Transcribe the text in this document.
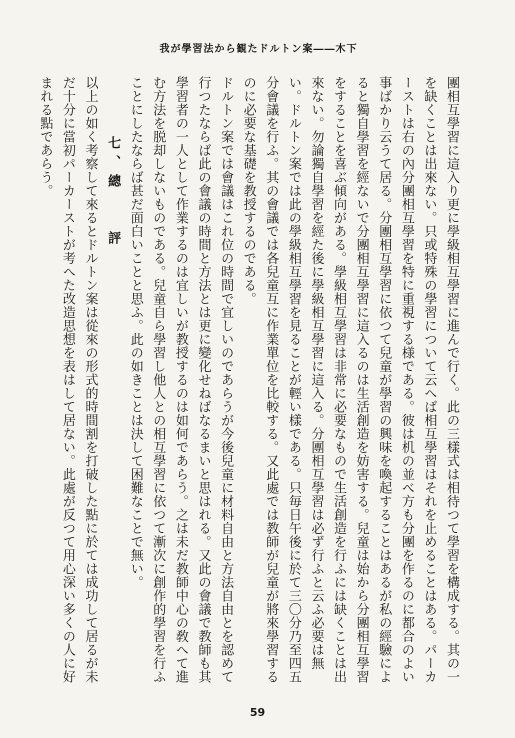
我が學習法から観たドルトン案――木下

團相互學習に這入り更に學級相互學習に進んで行く。此の三樣式は相待つて學習を構成する。其の一を缺くことは出來ない。只或特殊の學習について云へば相互學習はそれを止めることはある。パーカーストは右の內分團相互學習を特に重視する様である。彼は机の並べ方も分團を作るのに都合のよい事ばかり云うて居る。分團相互學習に依つて兒童が學習の興味を喚起することはあるが私の經驗によると獨自學習を經ないで分團相互學習に這入るのは生活創造を妨害する。兒童は始から分團相互學習をすることを喜ぶ傾向がある。學級相互學習は非常に必要なもので生活創造を行ふには缺くことは出來ない。勿論獨自學習を經た後に學級相互學習に這入る。分團相互學習は必ず行ふと云ふ必要は無い。ドルトン案では此の學級相互學習を見ることが輕い樣である。只毎日午後に於て三〇分乃至四五分會議を行ふ。其の會議では各兒童互に作業單位を比較する。又此處では教師が兒童が將來學習するのに必要な基礎を教授するのである。

ドルトン案では會議はこれ位の時間で宜しいのであらうが今後兒童に材料自由と方法自由とを認めて行つたならば此の會議の時間と方法とは更に變化せねばなるまいと思はれる。又此の會議で教師も其學習者の一人として作業するのは宜しいが教授するのは如何であらう。之は未だ教師中心の敎へて進む方法を脱却しないものである。兒童自ら學習し他人との相互學習に依つて漸次に創作的學習を行ふことにしたならば甚だ面白いことと思ふ。此の如きことは決して困難なことで無い。

七、總　　評

以上の如く考察して來るとドルトン案は從來の形式的時間割を打破した點に於ては成功して居るが未だ十分に當初パーカーストが考へた改造思想を表はして居ない。此處が反つて用心深い多くの人に好まれる點であらう。

59
